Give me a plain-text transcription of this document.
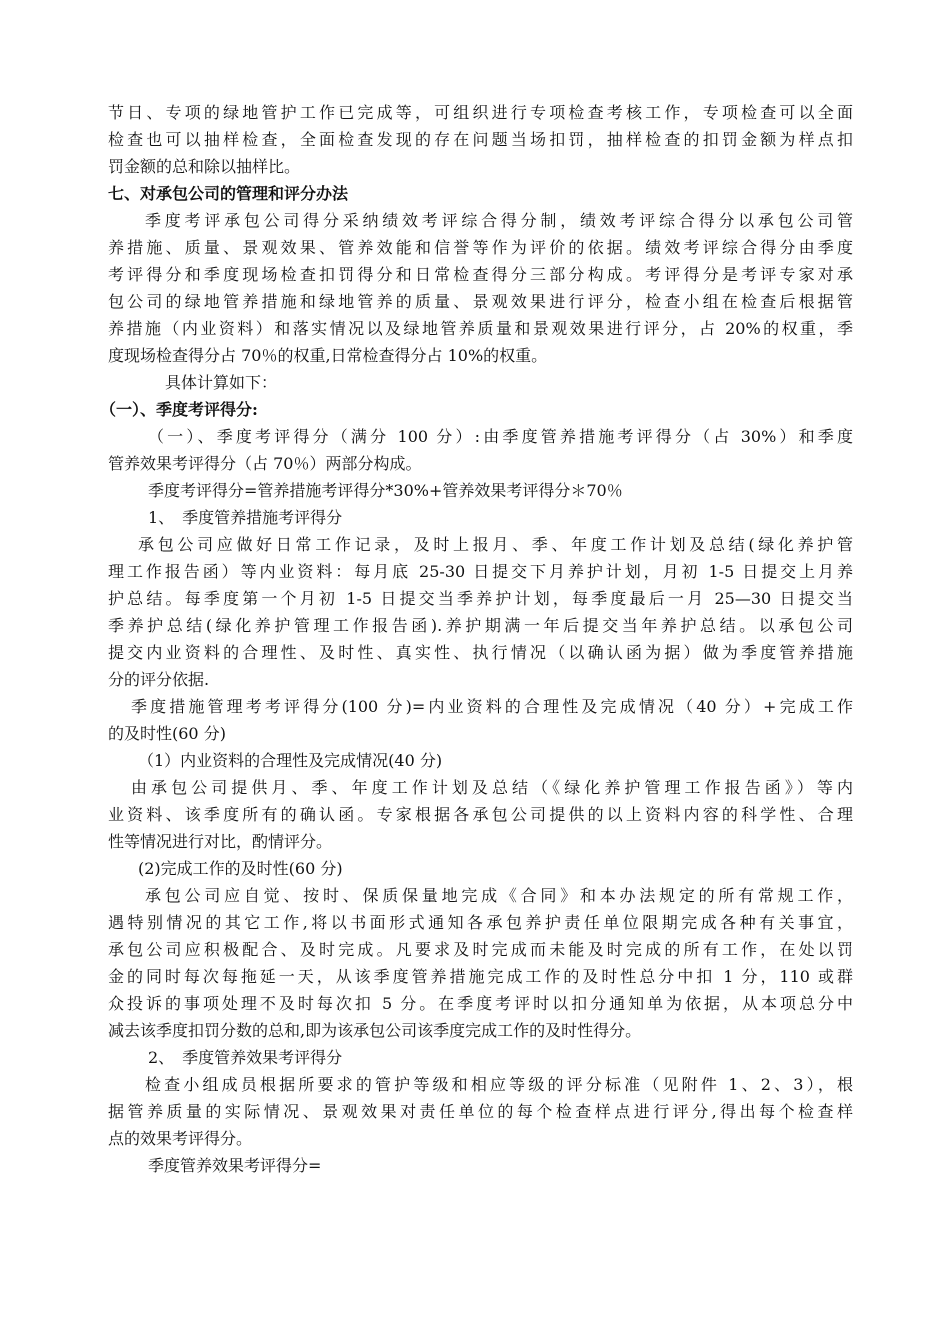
节日、专项的绿地管护工作已完成等，可组织进行专项检查考核工作，专项检查可以全面
检查也可以抽样检查，全面检查发现的存在问题当场扣罚，抽样检查的扣罚金额为样点扣
罚金额的总和除以抽样比。
七、对承包公司的管理和评分办法
季度考评承包公司得分采纳绩效考评综合得分制，绩效考评综合得分以承包公司管
养措施、质量、景观效果、管养效能和信誉等作为评价的依据。绩效考评综合得分由季度
考评得分和季度现场检查扣罚得分和日常检查得分三部分构成。考评得分是考评专家对承
包公司的绿地管养措施和绿地管养的质量、景观效果进行评分，检查小组在检查后根据管
养措施（内业资料）和落实情况以及绿地管养质量和景观效果进行评分，占 20%的权重，季
度现场检查得分占 70％的权重,日常检查得分占 10%的权重。
具体计算如下：
（一）、季度考评得分:
（一）、季度考评得分（满分 100 分）:由季度管养措施考评得分（占 30%）和季度
管养效果考评得分（占 70％）两部分构成。
季度考评得分=管养措施考评得分*30%+管养效果考评得分＊70％
1、　季度管养措施考评得分
承包公司应做好日常工作记录，及时上报月、季、年度工作计划及总结(绿化养护管
理工作报告函）等内业资料：每月底 25-30 日提交下月养护计划，月初 1-5 日提交上月养
护总结。每季度第一个月初 1-5 日提交当季养护计划，每季度最后一月 25—30 日提交当
季养护总结(绿化养护管理工作报告函).养护期满一年后提交当年养护总结。以承包公司
提交内业资料的合理性、及时性、真实性、执行情况（以确认函为据）做为季度管养措施
分的评分依据.
季度措施管理考考评得分(100 分)=内业资料的合理性及完成情况（40 分）+完成工作
的及时性(60 分)
（1）内业资料的合理性及完成情况(40 分)
由承包公司提供月、季、年度工作计划及总结（《绿化养护管理工作报告函》）等内
业资料、该季度所有的确认函。专家根据各承包公司提供的以上资料内容的科学性、合理
性等情况进行对比，酌情评分。
(2)完成工作的及时性(60 分)
承包公司应自觉、按时、保质保量地完成《合同》和本办法规定的所有常规工作，
遇特别情况的其它工作,将以书面形式通知各承包养护责任单位限期完成各种有关事宜，
承包公司应积极配合、及时完成。凡要求及时完成而未能及时完成的所有工作，在处以罚
金的同时每次每拖延一天，从该季度管养措施完成工作的及时性总分中扣 1 分，110 或群
众投诉的事项处理不及时每次扣 5 分。在季度考评时以扣分通知单为依据，从本项总分中
减去该季度扣罚分数的总和,即为该承包公司该季度完成工作的及时性得分。
2、　季度管养效果考评得分
检查小组成员根据所要求的管护等级和相应等级的评分标准（见附件 1、2、3），根
据管养质量的实际情况、景观效果对责任单位的每个检查样点进行评分,得出每个检查样
点的效果考评得分。
季度管养效果考评得分=
